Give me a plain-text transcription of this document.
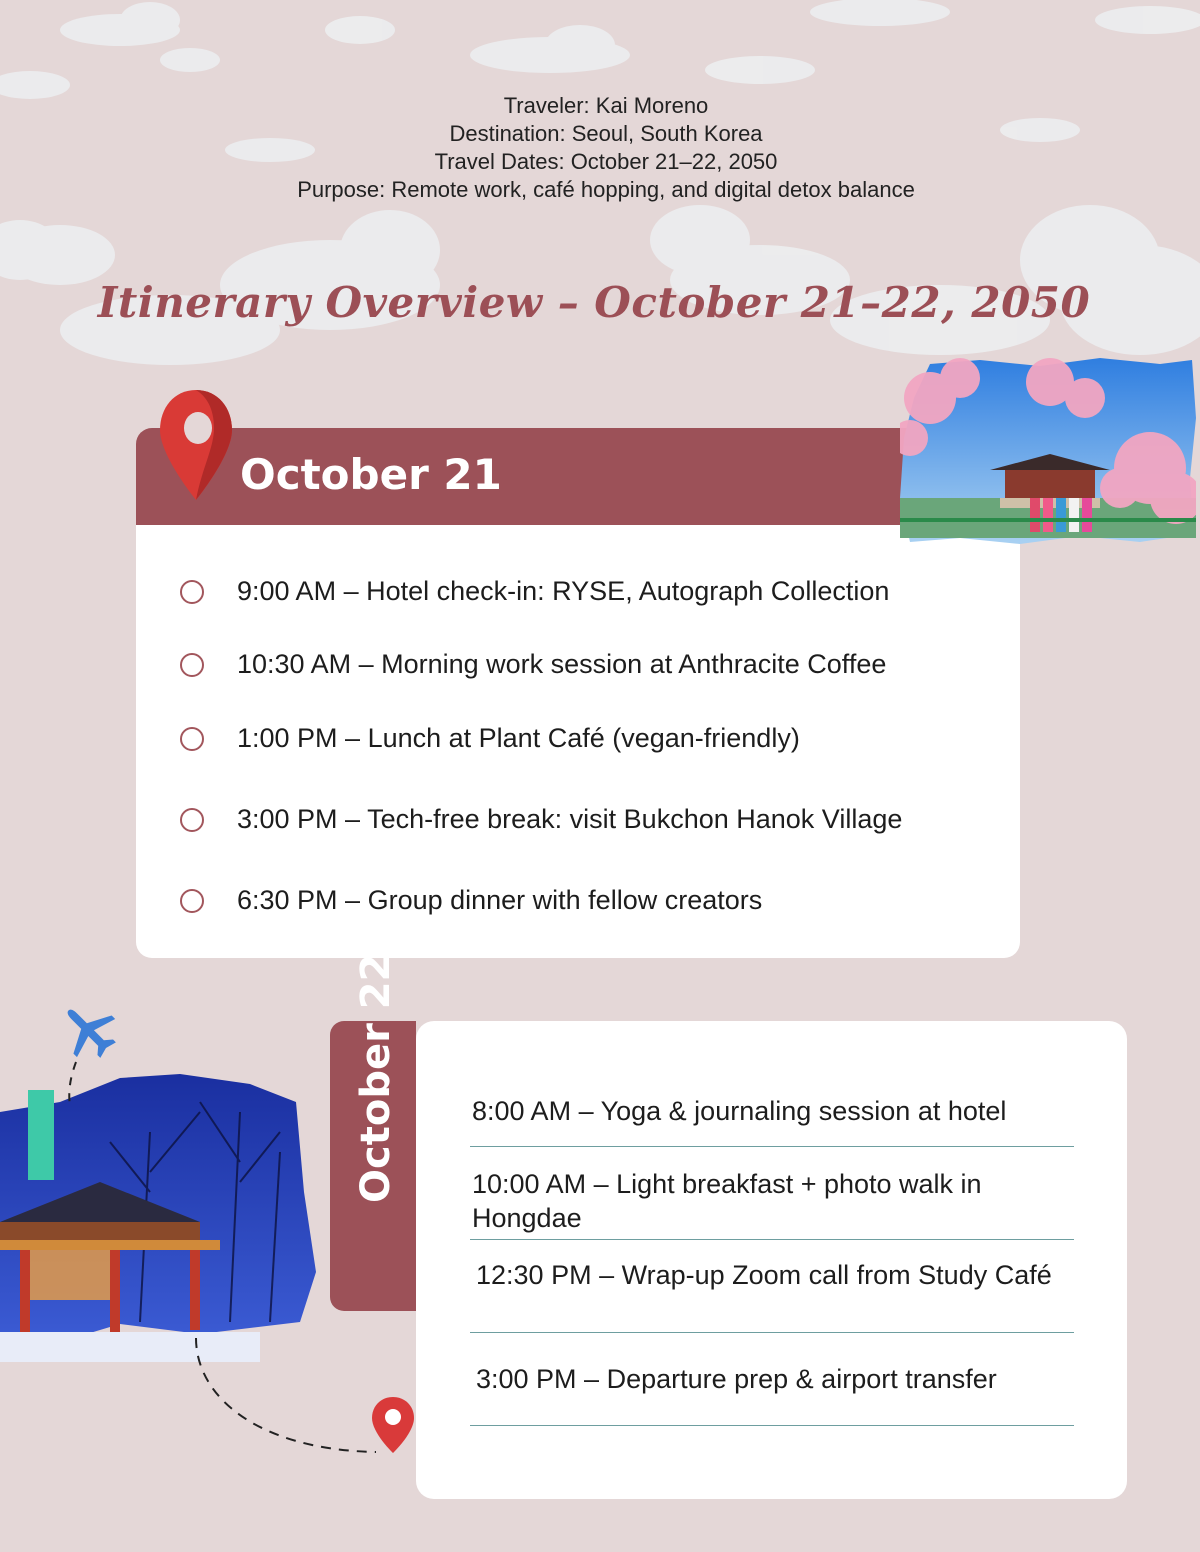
Traveler: Kai Moreno
Destination: Seoul, South Korea
Travel Dates: October 21–22, 2050
Purpose: Remote work, café hopping, and digital detox balance
Itinerary Overview – October 21–22, 2050
October 21
9:00 AM – Hotel check-in: RYSE, Autograph Collection
10:30 AM – Morning work session at Anthracite Coffee
1:00 PM – Lunch at Plant Café (vegan-friendly)
3:00 PM – Tech-free break: visit Bukchon Hanok Village
6:30 PM – Group dinner with fellow creators
8:00 AM – Yoga & journaling session at hotel
10:00 AM – Light breakfast + photo walk in Hongdae
12:30 PM – Wrap-up Zoom call from Study Café
3:00 PM – Departure prep & airport transfer
